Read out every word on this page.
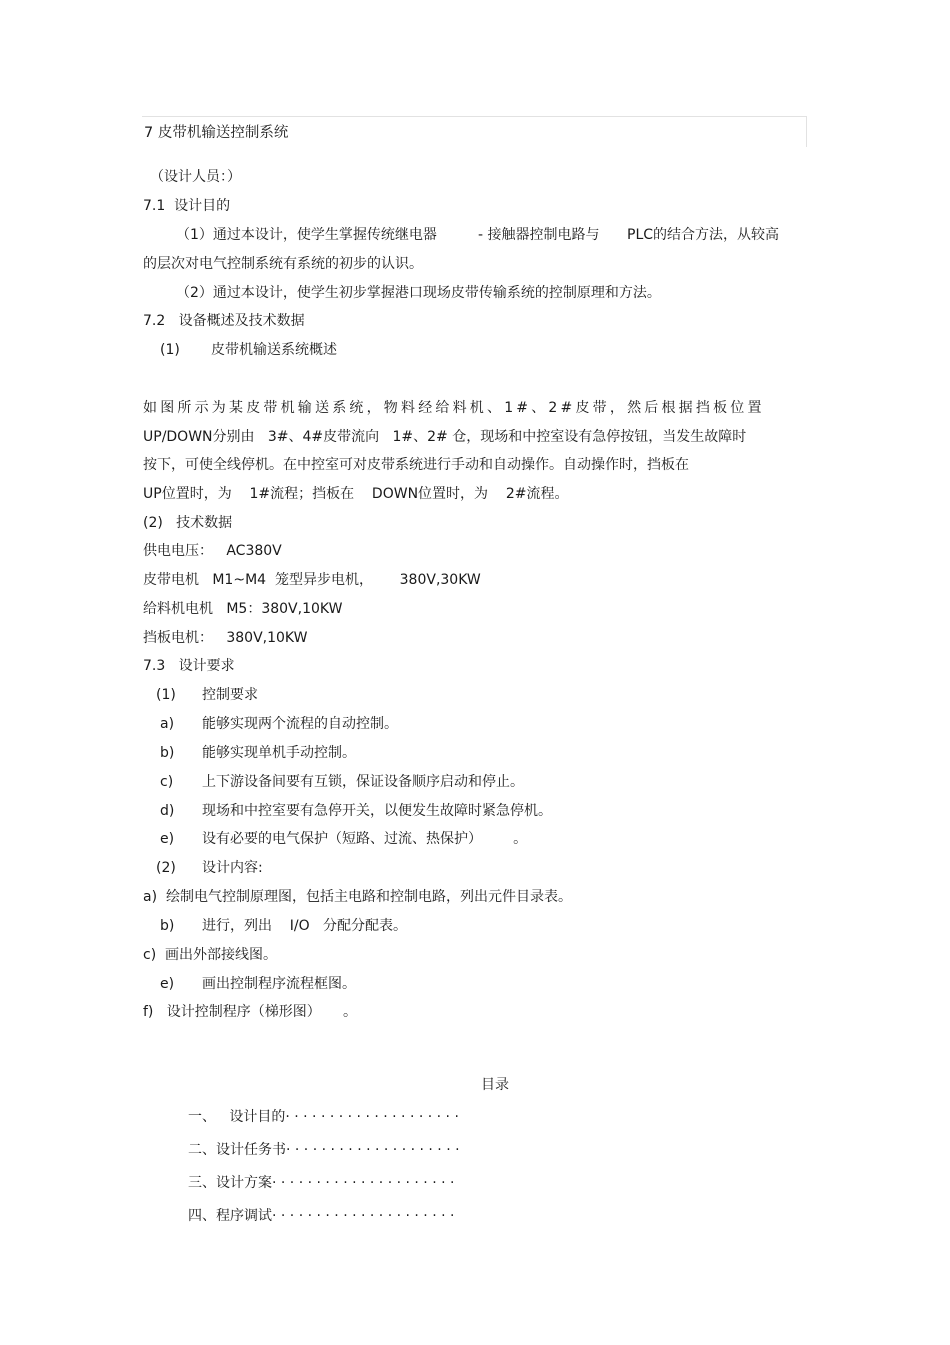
7 皮带机输送控制系统
（设计人员：）
7.1  设计目的
（1）通过本设计，使学生掌握传统继电器	- 接触器控制电路与 PLC的结合方法，从较高
的层次对电气控制系统有系统的初步的认识。
（2）通过本设计，使学生初步掌握港口现场皮带传输系统的控制原理和方法。
7.2   设备概述及技术数据
(1) 皮带机输送系统概述
如图所示为某皮带机输送系统，物料经给料机、1#、2#皮带，然后根据挡板位置
UP/DOWN分别由   3#、4#皮带流向   1#、2# 仓，现场和中控室设有急停按钮，当发生故障时
按下，可使全线停机。在中控室可对皮带系统进行手动和自动操作。自动操作时，挡板在
UP位置时，为    1#流程；挡板在    DOWN位置时，为    2#流程。
(2)   技术数据
供电电压：   AC380V
皮带电机   M1~M4  笼型异步电机，      380V,30KW
给料机电机   M5：380V,10KW
挡板电机：   380V,10KW
7.3   设计要求
(1) 控制要求
a) 能够实现两个流程的自动控制。
b) 能够实现单机手动控制。
c) 上下游设备间要有互锁，保证设备顺序启动和停止。
d) 现场和中控室要有急停开关，以便发生故障时紧急停机。
e) 设有必要的电气保护（短路、过流、热保护）       。
(2) 设计内容:
a)  绘制电气控制原理图，包括主电路和控制电路，列出元件目录表。
b) 进行，列出    I/O   分配分配表。
c)  画出外部接线图。
e) 画出控制程序流程框图。
f)   设计控制程序（梯形图）     。
目录
一、   设计目的· · · · · · · · · · · · · · · · · · · ·
二、设计任务书· · · · · · · · · · · · · · · · · · · ·
三、设计方案· · · · · · · · · · · · · · · · · · · · ·
四、程序调试· · · · · · · · · · · · · · · · · · · · ·
